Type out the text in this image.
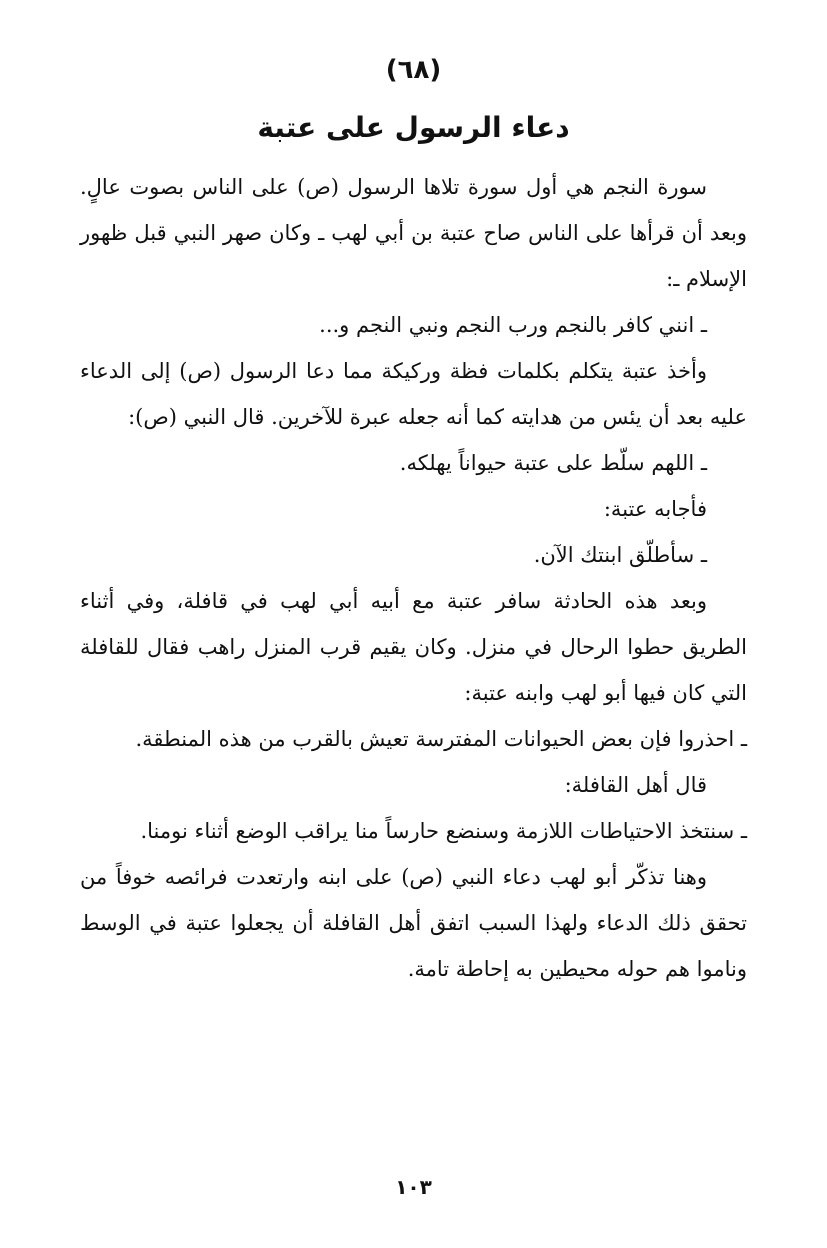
(٦٨)
دعاء الرسول على عتبة

سورة النجم هي أول سورة تلاها الرسول (ص) على الناس بصوت عالٍ. وبعد أن قرأها على الناس صاح عتبة بن أبي لهب ـ وكان صهر النبي قبل ظهور الإسلام ـ:

ـ انني كافر بالنجم ورب النجم ونبي النجم و...

وأخذ عتبة يتكلم بكلمات فظة وركيكة مما دعا الرسول (ص) إلى الدعاء عليه بعد أن يئس من هدايته كما أنه جعله عبرة للآخرين. قال النبي (ص):

ـ اللهم سلّط على عتبة حيواناً يهلكه.

فأجابه عتبة:

ـ سأطلّق ابنتك الآن.

وبعد هذه الحادثة سافر عتبة مع أبيه أبي لهب في قافلة، وفي أثناء الطريق حطوا الرحال في منزل. وكان يقيم قرب المنزل راهب فقال للقافلة التي كان فيها أبو لهب وابنه عتبة:

ـ احذروا فإن بعض الحيوانات المفترسة تعيش بالقرب من هذه المنطقة.

قال أهل القافلة:

ـ سنتخذ الاحتياطات اللازمة وسنضع حارساً منا يراقب الوضع أثناء نومنا.

وهنا تذكّر أبو لهب دعاء النبي (ص) على ابنه وارتعدت فرائصه خوفاً من تحقق ذلك الدعاء ولهذا السبب اتفق أهل القافلة أن يجعلوا عتبة في الوسط وناموا هم حوله محيطين به إحاطة تامة.

١٠٣
